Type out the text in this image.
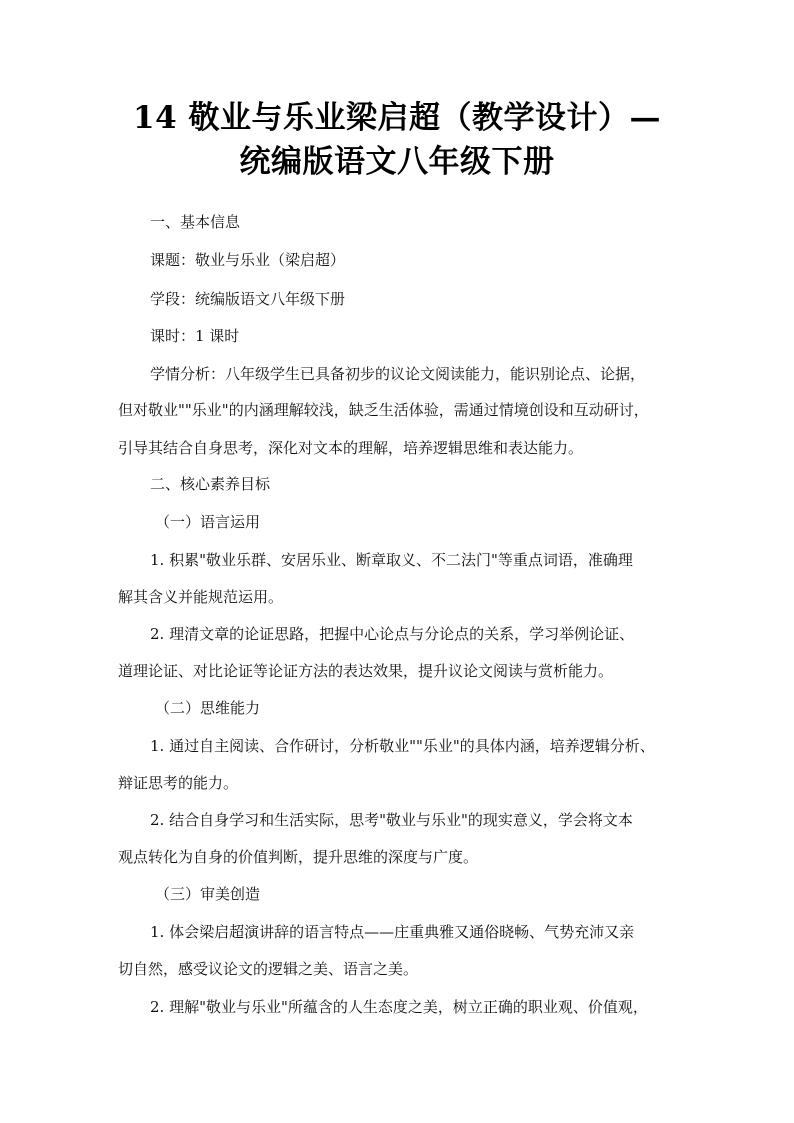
14 敬业与乐业梁启超（教学设计）—
统编版语文八年级下册

一、基本信息

课题：敬业与乐业（梁启超）

学段：统编版语文八年级下册

课时：1 课时

学情分析：八年级学生已具备初步的议论文阅读能力，能识别论点、论据，

但对敬业""乐业"的内涵理解较浅，缺乏生活体验，需通过情境创设和互动研讨，

引导其结合自身思考，深化对文本的理解，培养逻辑思维和表达能力。

二、核心素养目标

（一）语言运用

1. 积累"敬业乐群、安居乐业、断章取义、不二法门"等重点词语，准确理

解其含义并能规范运用。

2. 理清文章的论证思路，把握中心论点与分论点的关系，学习举例论证、

道理论证、对比论证等论证方法的表达效果，提升议论文阅读与赏析能力。

（二）思维能力

1. 通过自主阅读、合作研讨，分析敬业""乐业"的具体内涵，培养逻辑分析、

辩证思考的能力。

2. 结合自身学习和生活实际，思考"敬业与乐业"的现实意义，学会将文本

观点转化为自身的价值判断，提升思维的深度与广度。

（三）审美创造

1. 体会梁启超演讲辞的语言特点——庄重典雅又通俗晓畅、气势充沛又亲

切自然，感受议论文的逻辑之美、语言之美。

2. 理解"敬业与乐业"所蕴含的人生态度之美，树立正确的职业观、价值观，
